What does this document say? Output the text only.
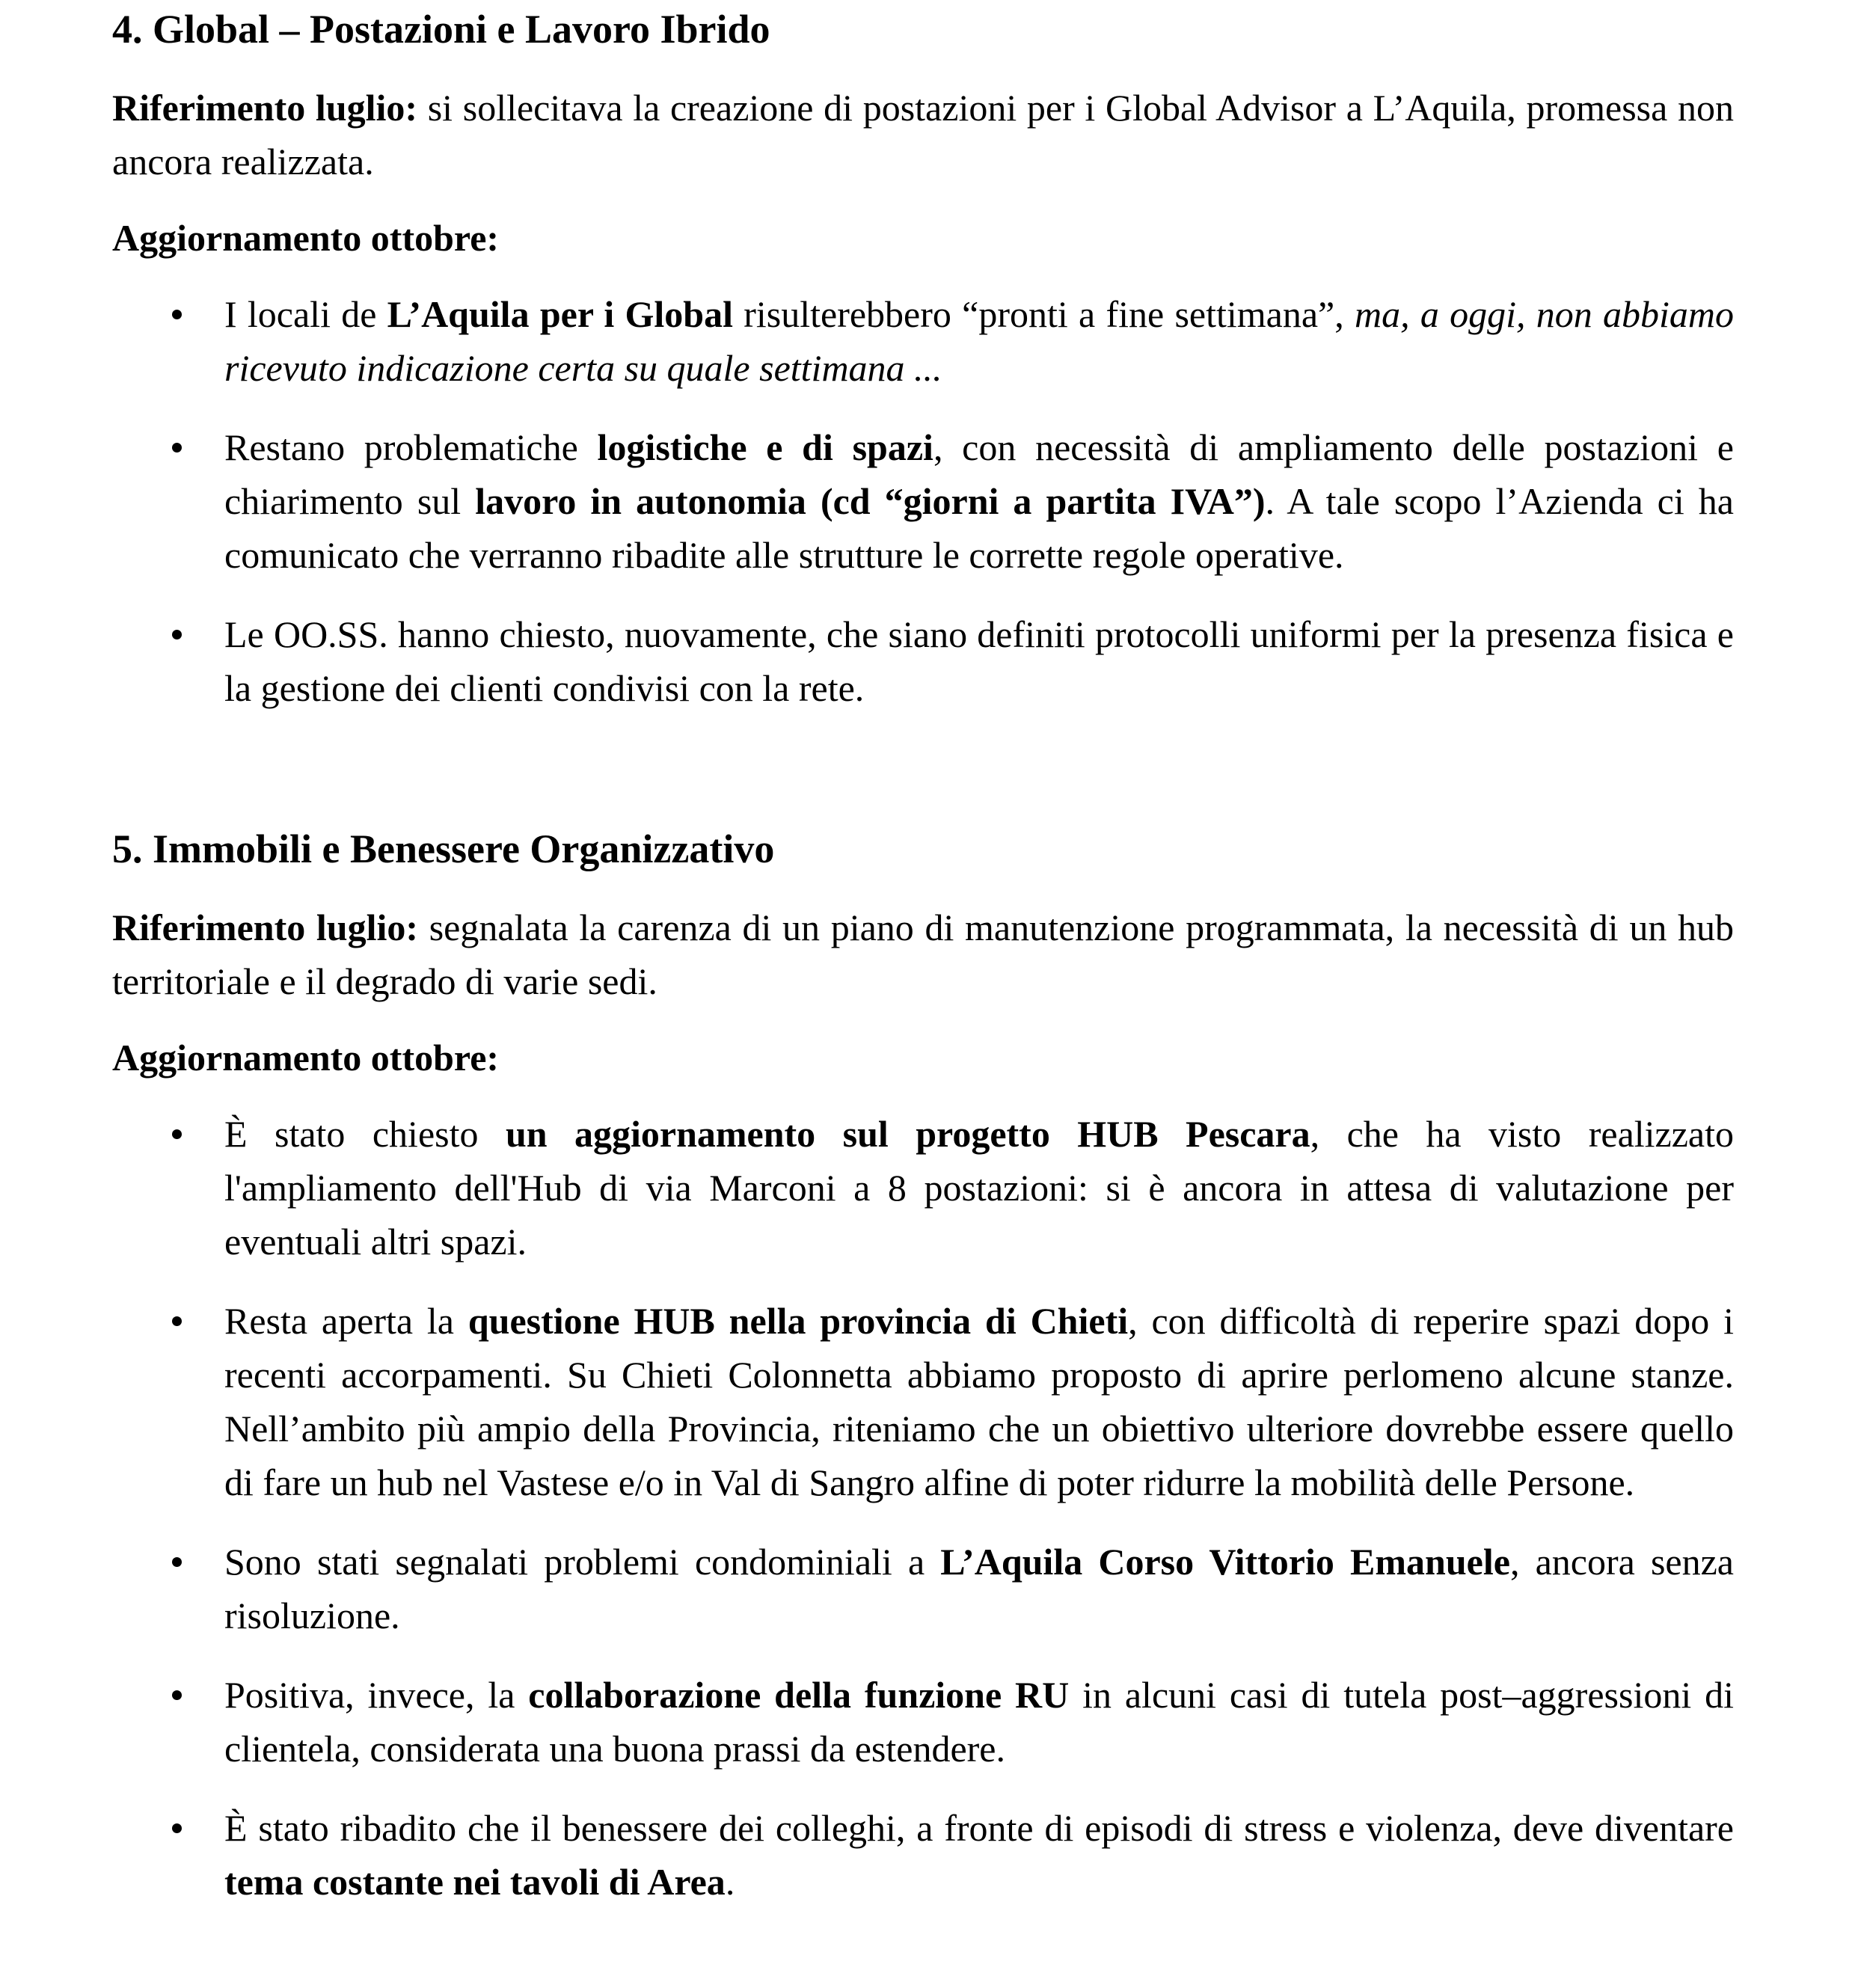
4. Global – Postazioni e Lavoro Ibrido

Riferimento luglio: si sollecitava la creazione di postazioni per i Global Advisor a L’Aquila, promessa non ancora realizzata.

Aggiornamento ottobre:

I locali de L’Aquila per i Global risulterebbero “pronti a fine settimana”, ma, a oggi, non abbiamo ricevuto indicazione certa su quale settimana ...
Restano problematiche logistiche e di spazi, con necessità di ampliamento delle postazioni e chiarimento sul lavoro in autonomia (cd “giorni a partita IVA”). A tale scopo l’Azienda ci ha comunicato che verranno ribadite alle strutture le corrette regole operative.
Le OO.SS. hanno chiesto, nuovamente, che siano definiti protocolli uniformi per la presenza fisica e la gestione dei clienti condivisi con la rete.
5. Immobili e Benessere Organizzativo

Riferimento luglio: segnalata la carenza di un piano di manutenzione programmata, la necessità di un hub territoriale e il degrado di varie sedi.

Aggiornamento ottobre:

È stato chiesto un aggiornamento sul progetto HUB Pescara, che ha visto realizzato l'ampliamento dell'Hub di via Marconi a 8 postazioni: si è ancora in attesa di valutazione per eventuali altri spazi.
Resta aperta la questione HUB nella provincia di Chieti, con difficoltà di reperire spazi dopo i recenti accorpamenti. Su Chieti Colonnetta abbiamo proposto di aprire perlomeno alcune stanze. Nell’ambito più ampio della Provincia, riteniamo che un obiettivo ulteriore dovrebbe essere quello di fare un hub nel Vastese e/o in Val di Sangro alfine di poter ridurre la mobilità delle Persone.
Sono stati segnalati problemi condominiali a L’Aquila Corso Vittorio Emanuele, ancora senza risoluzione.
Positiva, invece, la collaborazione della funzione RU in alcuni casi di tutela post–aggressioni di clientela, considerata una buona prassi da estendere.
È stato ribadito che il benessere dei colleghi, a fronte di episodi di stress e violenza, deve diventare tema costante nei tavoli di Area.
